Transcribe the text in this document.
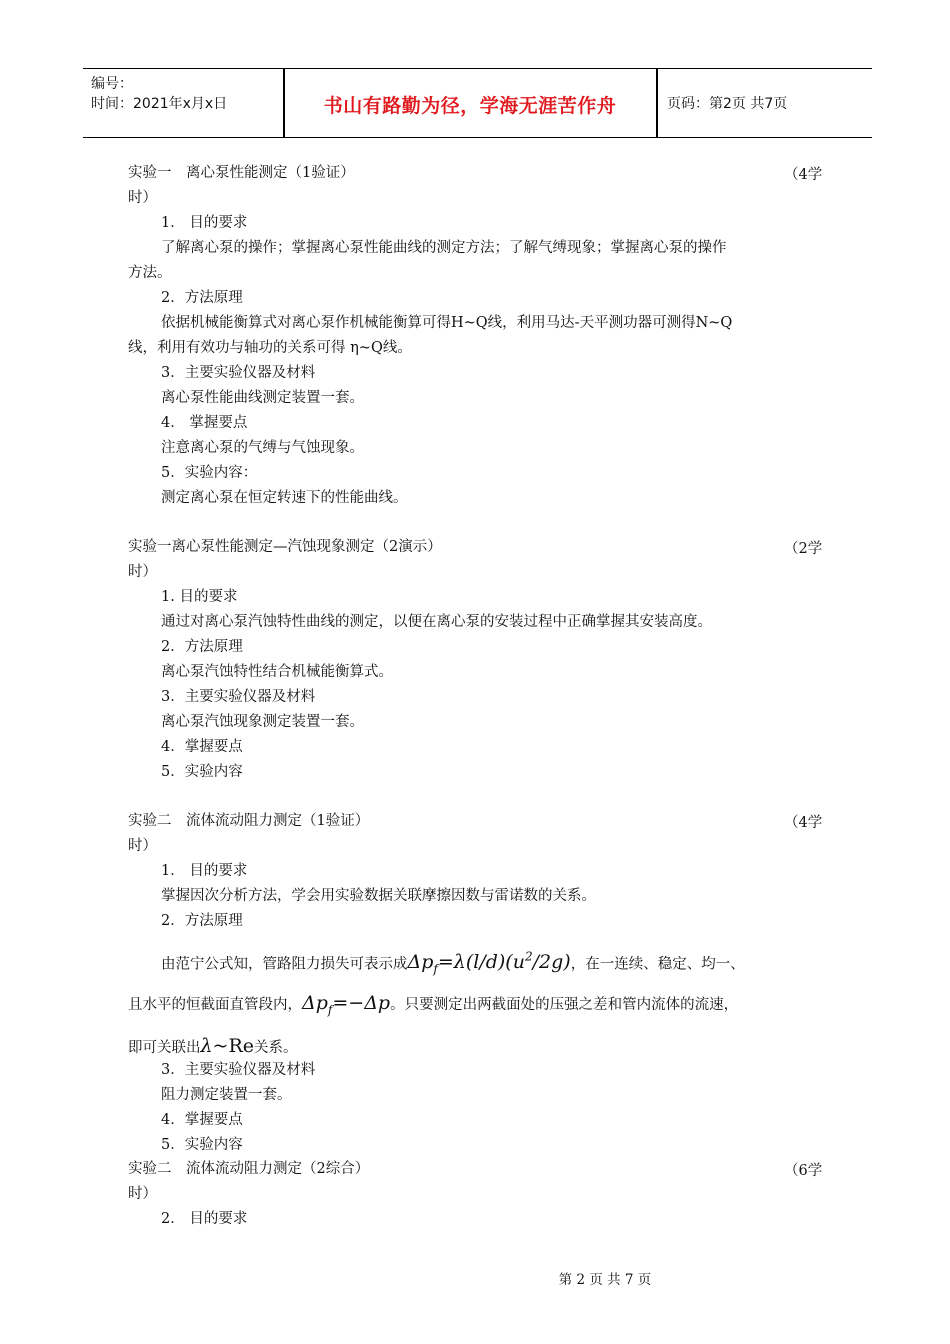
编号：
时间：2021年x月x日	书山有路勤为径，学海无涯苦作舟	页码：第2页 共7页
实验一　离心泵性能测定（1验证）	（4学
时）
1． 目的要求
了解离心泵的操作；掌握离心泵性能曲线的测定方法；了解气缚现象；掌握离心泵的操作
方法。
2．方法原理
依据机械能衡算式对离心泵作机械能衡算可得H~Q线，利用马达-天平测功器可测得N~Q
线，利用有效功与轴功的关系可得 η~Q线。
3．主要实验仪器及材料
离心泵性能曲线测定装置一套。
4． 掌握要点
注意离心泵的气缚与气蚀现象。
5．实验内容：
测定离心泵在恒定转速下的性能曲线。
实验一离心泵性能测定—汽蚀现象测定（2演示）	（2学
时）
1. 目的要求
通过对离心泵汽蚀特性曲线的测定，以便在离心泵的安装过程中正确掌握其安装高度。
2．方法原理
离心泵汽蚀特性结合机械能衡算式。
3．主要实验仪器及材料
离心泵汽蚀现象测定装置一套。
4．掌握要点
5．实验内容
实验二　流体流动阻力测定（1验证）	（4学
时）
1． 目的要求
掌握因次分析方法，学会用实验数据关联摩擦因数与雷诺数的关系。
2．方法原理
由范宁公式知，管路阻力损失可表示成$\Delta p_f=\lambda(l/d)(u^2/2g)$，在一连续、稳定、均一、
且水平的恒截面直管段内，$\Delta p_f=-\Delta p$。只要测定出两截面处的压强之差和管内流体的流速，
即可关联出λ~Re关系。
3．主要实验仪器及材料
阻力测定装置一套。
4．掌握要点
5．实验内容
实验二　流体流动阻力测定（2综合）	（6学
时）
2． 目的要求
第 2 页 共 7 页
